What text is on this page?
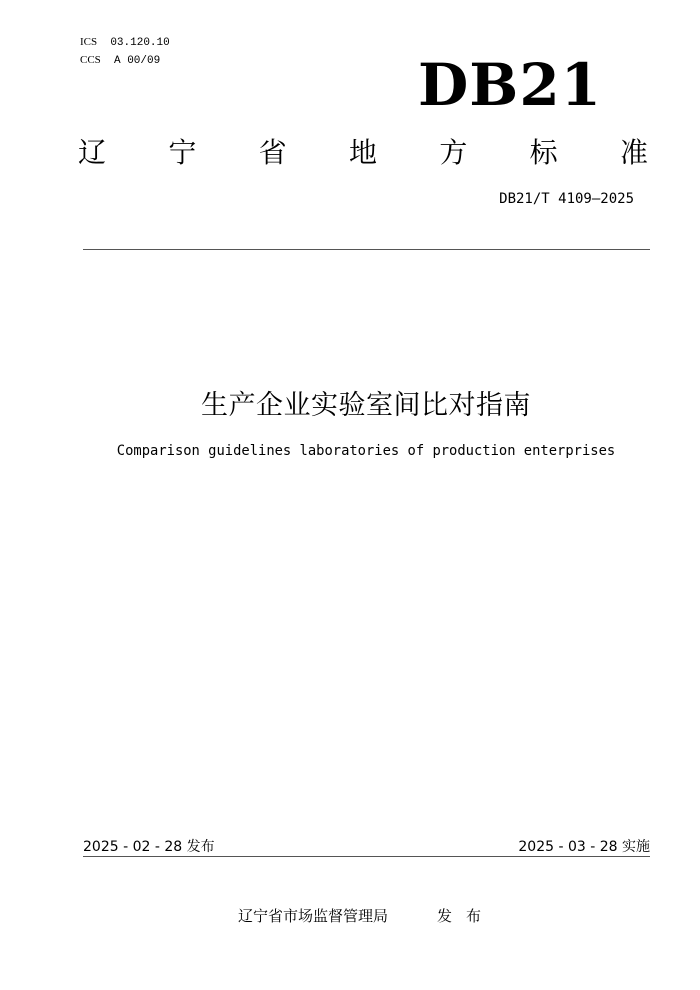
ICS 03.120.10
CCS A 00/09	DB21
辽 宁 省 地 方 标 准
DB21/T 4109—2025
生产企业实验室间比对指南
Comparison guidelines laboratories of production enterprises
2025 - 02 - 28 发布	2025 - 03 - 28 实施
辽宁省市场监督管理局	发布
